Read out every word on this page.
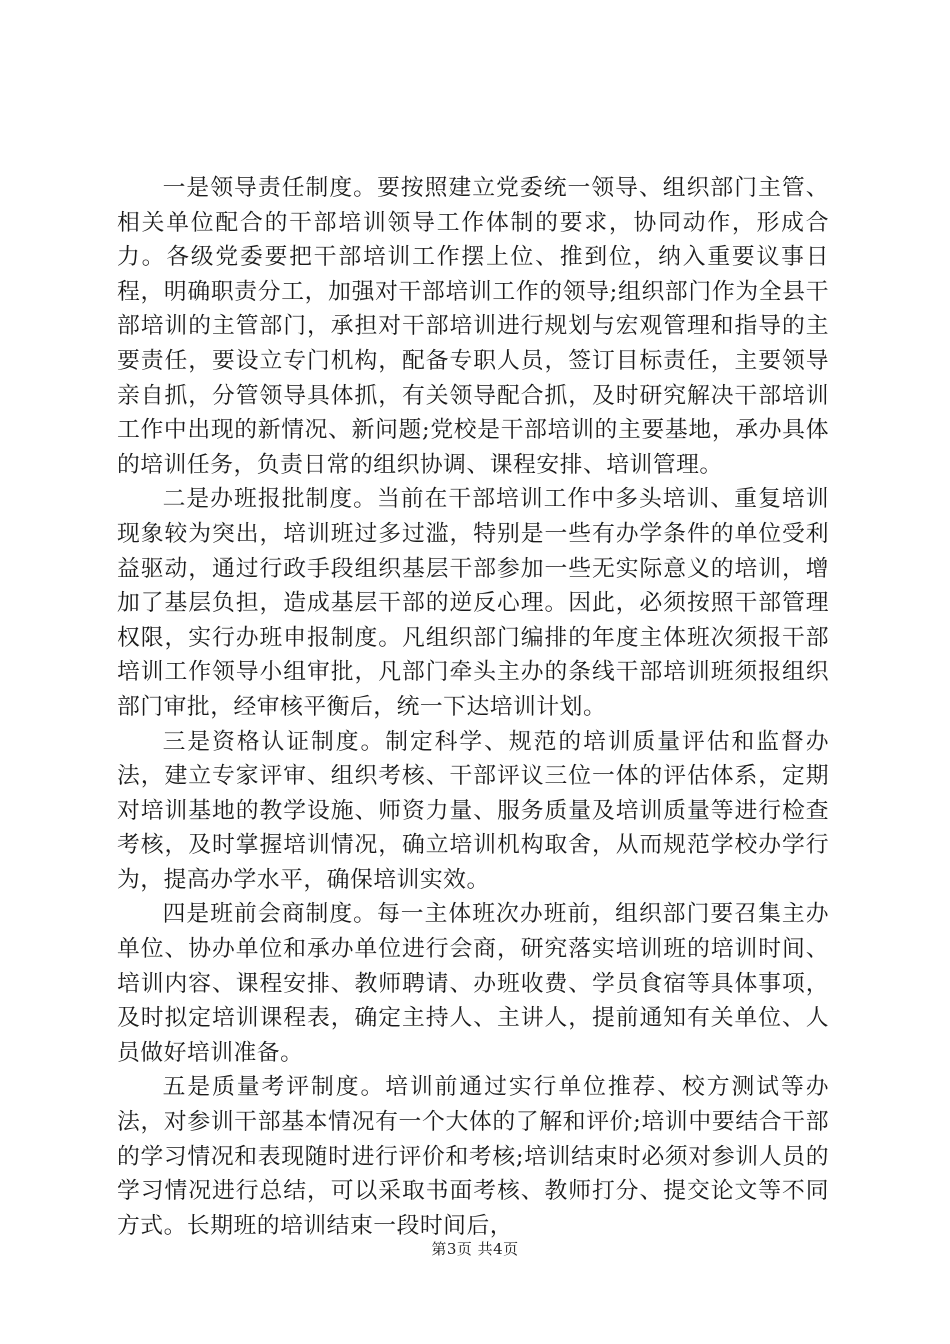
一是领导责任制度。要按照建立党委统一领导、组织部门主管、相关单位配合的干部培训领导工作体制的要求，协同动作，形成合力。各级党委要把干部培训工作摆上位、推到位，纳入重要议事日程，明确职责分工，加强对干部培训工作的领导;组织部门作为全县干部培训的主管部门，承担对干部培训进行规划与宏观管理和指导的主要责任，要设立专门机构，配备专职人员，签订目标责任，主要领导亲自抓，分管领导具体抓，有关领导配合抓，及时研究解决干部培训工作中出现的新情况、新问题;党校是干部培训的主要基地，承办具体的培训任务，负责日常的组织协调、课程安排、培训管理。

二是办班报批制度。当前在干部培训工作中多头培训、重复培训现象较为突出，培训班过多过滥，特别是一些有办学条件的单位受利益驱动，通过行政手段组织基层干部参加一些无实际意义的培训，增加了基层负担，造成基层干部的逆反心理。因此，必须按照干部管理权限，实行办班申报制度。凡组织部门编排的年度主体班次须报干部培训工作领导小组审批，凡部门牵头主办的条线干部培训班须报组织部门审批，经审核平衡后，统一下达培训计划。

三是资格认证制度。制定科学、规范的培训质量评估和监督办法，建立专家评审、组织考核、干部评议三位一体的评估体系，定期对培训基地的教学设施、师资力量、服务质量及培训质量等进行检查考核，及时掌握培训情况，确立培训机构取舍，从而规范学校办学行为，提高办学水平，确保培训实效。

四是班前会商制度。每一主体班次办班前，组织部门要召集主办单位、协办单位和承办单位进行会商，研究落实培训班的培训时间、培训内容、课程安排、教师聘请、办班收费、学员食宿等具体事项，及时拟定培训课程表，确定主持人、主讲人，提前通知有关单位、人员做好培训准备。

五是质量考评制度。培训前通过实行单位推荐、校方测试等办法，对参训干部基本情况有一个大体的了解和评价;培训中要结合干部的学习情况和表现随时进行评价和考核;培训结束时必须对参训人员的学习情况进行总结，可以采取书面考核、教师打分、提交论文等不同方式。长期班的培训结束一段时间后，

第3页 共4页
